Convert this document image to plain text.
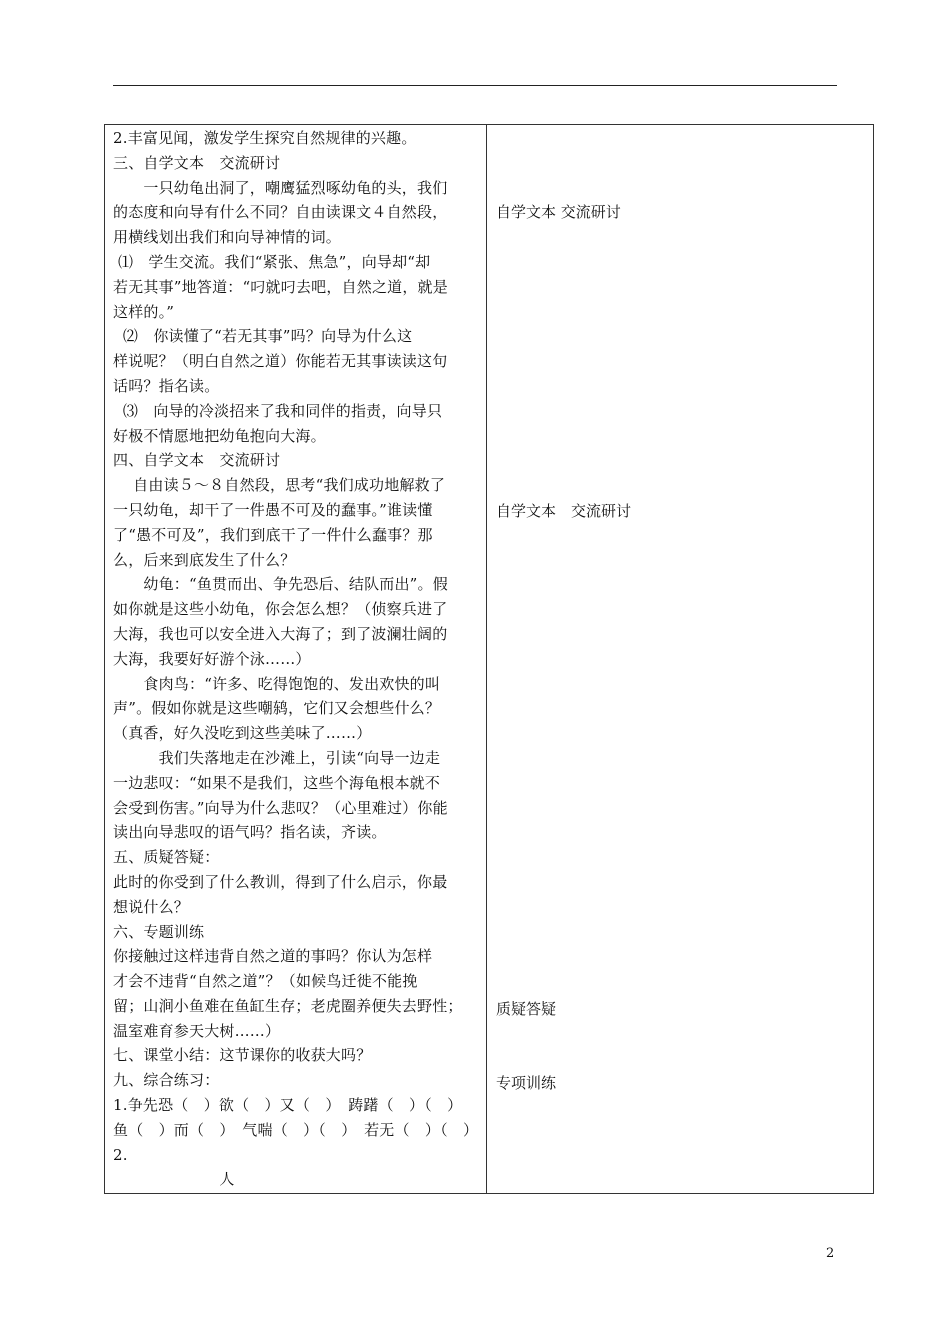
2.丰富见闻，激发学生探究自然规律的兴趣。
三、自学文本　交流研讨
　　一只幼龟出洞了，嘲鹰猛烈啄幼龟的头，我们
的态度和向导有什么不同？自由读课文４自然段，
用横线划出我们和向导神情的词。
⑴　学生交流。我们“紧张、焦急”，向导却“却
若无其事”地答道：“叼就叼去吧，自然之道，就是
这样的。”
⑵　你读懂了“若无其事”吗？向导为什么这
样说呢？（明白自然之道）你能若无其事读读这句
话吗？指名读。
⑶　向导的冷淡招来了我和同伴的指责，向导只
好极不情愿地把幼龟抱向大海。
四、自学文本　交流研讨
　 自由读５～８自然段，思考“我们成功地解救了
一只幼龟，却干了一件愚不可及的蠢事。”谁读懂
了“愚不可及”，我们到底干了一件什么蠢事？那
么，后来到底发生了什么？
　　幼龟：“鱼贯而出、争先恐后、结队而出”。假
如你就是这些小幼龟，你会怎么想？（侦察兵进了
大海，我也可以安全进入大海了；到了波澜壮阔的
大海，我要好好游个泳……）
　　食肉鸟：“许多、吃得饱饱的、发出欢快的叫
声”。假如你就是这些嘲鸫，它们又会想些什么？
（真香，好久没吃到这些美味了……）
　　　我们失落地走在沙滩上，引读“向导一边走
一边悲叹：“如果不是我们，这些个海龟根本就不
会受到伤害。”向导为什么悲叹？（心里难过）你能
读出向导悲叹的语气吗？指名读，齐读。
五、质疑答疑：
此时的你受到了什么教训，得到了什么启示，你最
想说什么？
六、专题训练
你接触过这样违背自然之道的事吗？你认为怎样
才会不违背“自然之道”？（如候鸟迁徙不能挽
留；山涧小鱼难在鱼缸生存；老虎圈养便失去野性；
温室难育参天大树……）
七、课堂小结：这节课你的收获大吗？
九、综合练习：
1.争先恐（　）欲（　）又（　）　踌躇（　）（　）
鱼（　）而（　）　气喘（　）（　）　若无（　）（　）
2.
　　　　　　　人
自学文本 交流研讨
自学文本　交流研讨
质疑答疑
专项训练
2
